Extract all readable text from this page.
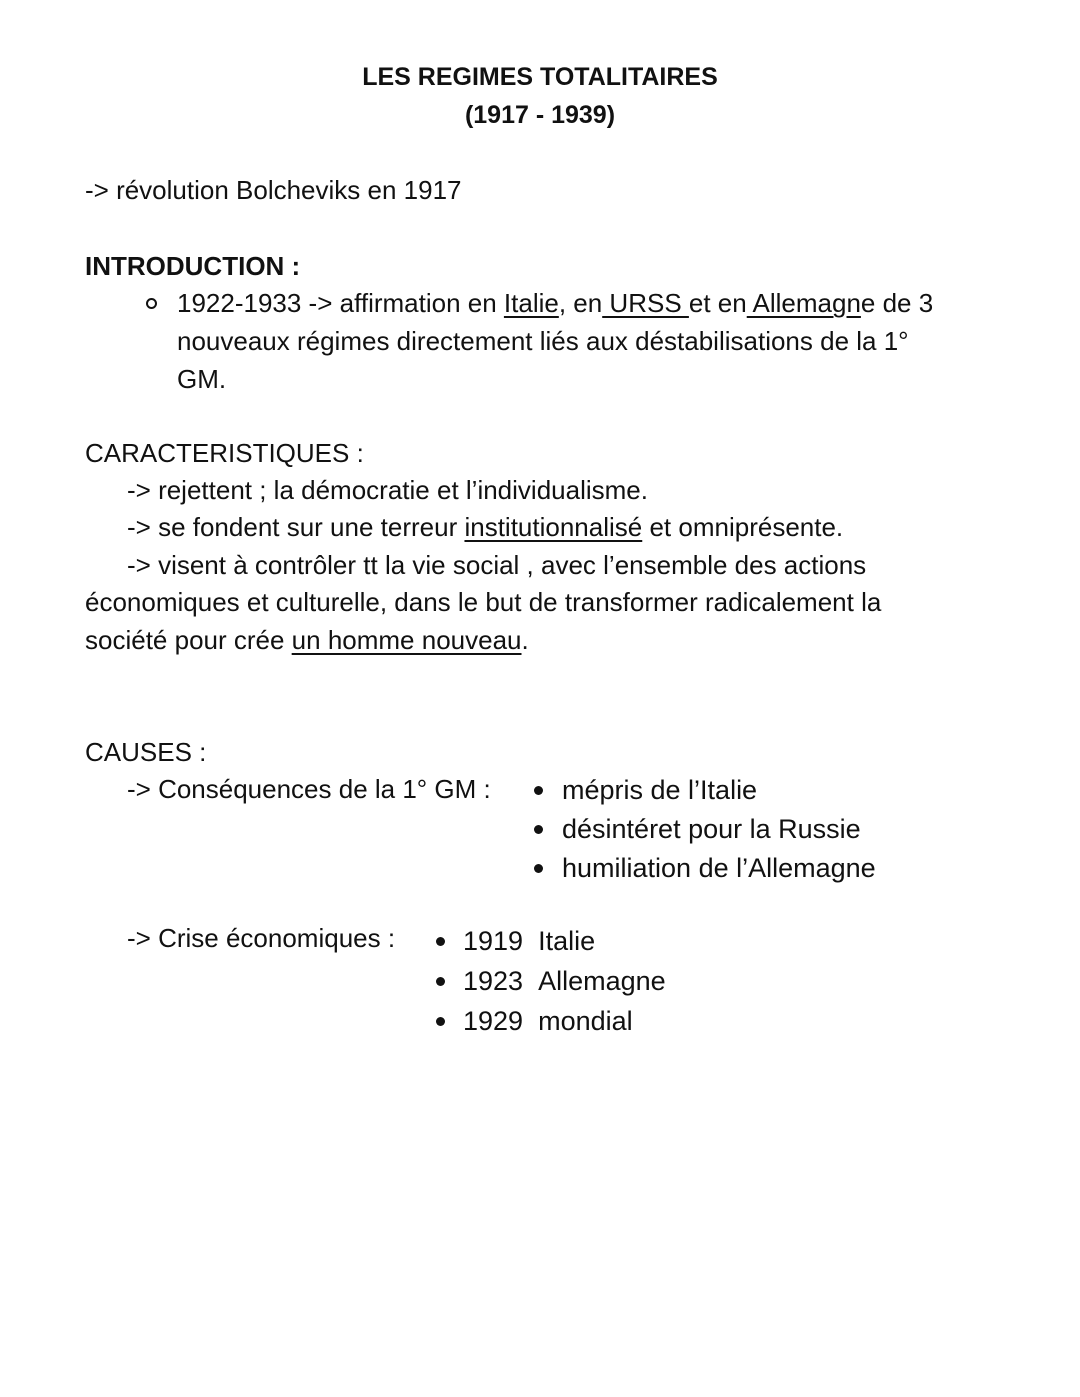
LES REGIMES TOTALITAIRES
(1917 - 1939)
-> révolution Bolcheviks en 1917
INTRODUCTION :
1922-1933 -> affirmation en Italie, en URSS et en Allemagne de 3
nouveaux régimes directement liés aux déstabilisations de la 1°
GM.
CARACTERISTIQUES :
-> rejettent ; la démocratie et l’individualisme.
-> se fondent sur une terreur institutionnalisé et omniprésente.
-> visent à contrôler tt la vie social , avec l’ensemble des actions
économiques et culturelle, dans le but de transformer radicalement la
société pour crée un homme nouveau.
CAUSES :
-> Conséquences de la 1° GM :	mépris de l’Italie
désintéret pour la Russie
humiliation de l’Allemagne
-> Crise économiques :	1919 Italie
1923 Allemagne
1929 mondial
